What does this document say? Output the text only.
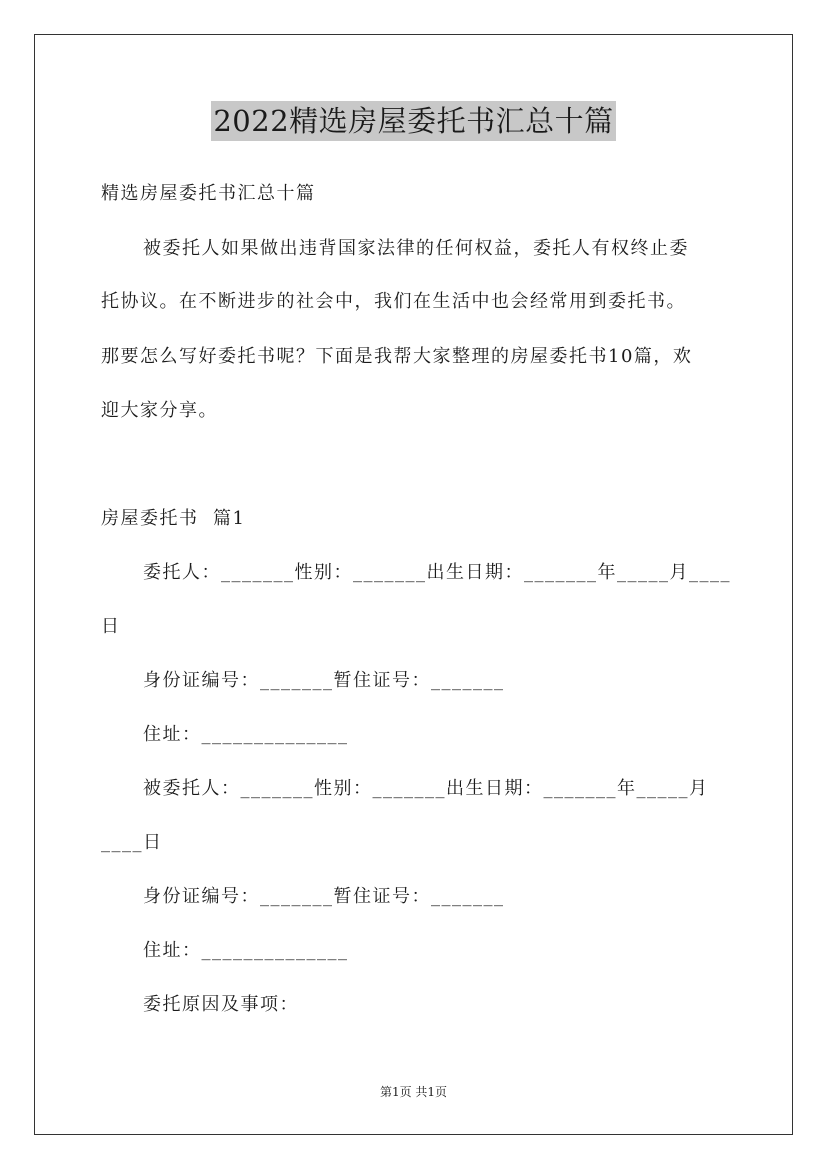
2022精选房屋委托书汇总十篇
精选房屋委托书汇总十篇
被委托人如果做出违背国家法律的任何权益，委托人有权终止委
托协议。在不断进步的社会中，我们在生活中也会经常用到委托书。
那要怎么写好委托书呢？下面是我帮大家整理的房屋委托书10篇，欢
迎大家分享。
房屋委托书  篇1
委托人：_______性别：_______出生日期：_______年_____月____
日
身份证编号：_______暂住证号：_______
住址：______________
被委托人：_______性别：_______出生日期：_______年_____月
____日
身份证编号：_______暂住证号：_______
住址：______________
委托原因及事项：
第1页 共1页
